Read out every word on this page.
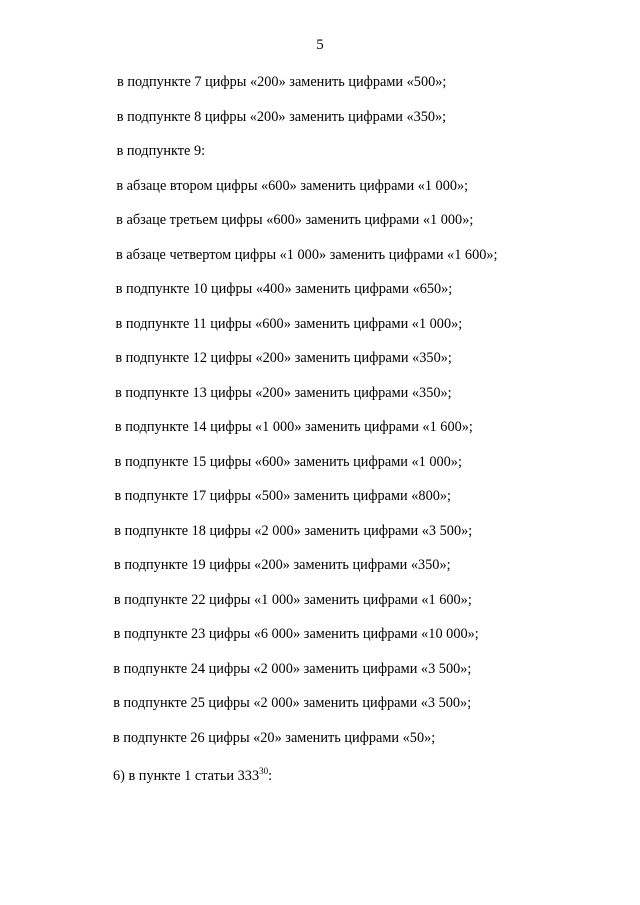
5
в подпункте 7 цифры «200» заменить цифрами «500»;
в подпункте 8 цифры «200» заменить цифрами «350»;
в подпункте 9:
в абзаце втором цифры «600» заменить цифрами «1 000»;
в абзаце третьем цифры «600» заменить цифрами «1 000»;
в абзаце четвертом цифры «1 000» заменить цифрами «1 600»;
в подпункте 10 цифры «400» заменить цифрами «650»;
в подпункте 11 цифры «600» заменить цифрами «1 000»;
в подпункте 12 цифры «200» заменить цифрами «350»;
в подпункте 13 цифры «200» заменить цифрами «350»;
в подпункте 14 цифры «1 000» заменить цифрами «1 600»;
в подпункте 15 цифры «600» заменить цифрами «1 000»;
в подпункте 17 цифры «500» заменить цифрами «800»;
в подпункте 18 цифры «2 000» заменить цифрами «3 500»;
в подпункте 19 цифры «200» заменить цифрами «350»;
в подпункте 22 цифры «1 000» заменить цифрами «1 600»;
в подпункте 23 цифры «6 000» заменить цифрами «10 000»;
в подпункте 24 цифры «2 000» заменить цифрами «3 500»;
в подпункте 25 цифры «2 000» заменить цифрами «3 500»;
в подпункте 26 цифры «20» заменить цифрами «50»;
6) в пункте 1 статьи $333^{30}$:
